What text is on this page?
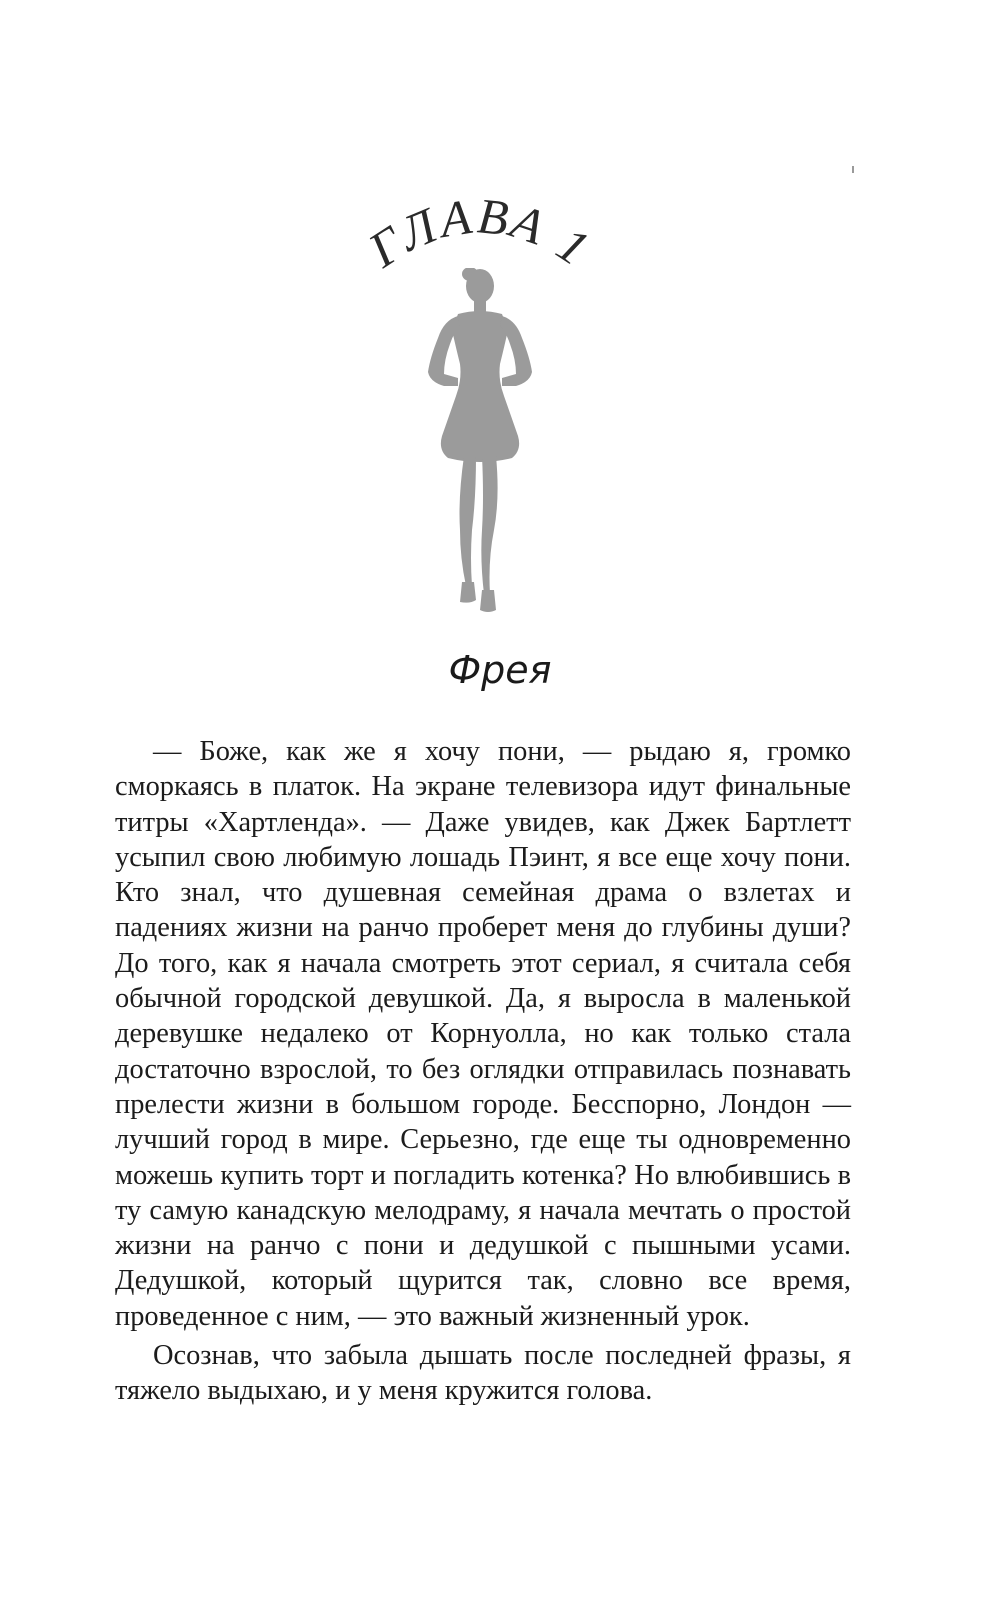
ГЛАВА 1
Фрея

— Боже, как же я хочу пони, — рыдаю я, громко сморкаясь в платок. На экране телевизора идут финальные титры «Хартленда». — Даже увидев, как Джек Бартлетт усыпил свою любимую лошадь Пэинт, я все еще хочу пони. Кто знал, что душевная семейная драма о взлетах и падениях жизни на ранчо проберет меня до глубины души? До того, как я начала смотреть этот сериал, я считала себя обычной городской девушкой. Да, я выросла в маленькой деревушке недалеко от Корнуолла, но как только стала достаточно взрослой, то без оглядки отправилась познавать прелести жизни в большом городе. Бесспорно, Лондон — лучший город в мире. Серьезно, где еще ты одновременно можешь купить торт и погладить котенка? Но влюбившись в ту самую канадскую мелодраму, я начала мечтать о простой жизни на ранчо с пони и дедушкой с пышными усами. Дедушкой, который щурится так, словно все время, проведенное с ним, — это важный жизненный урок.

Осознав, что забыла дышать после последней фразы, я тяжело выдыхаю, и у меня кружится голова.
